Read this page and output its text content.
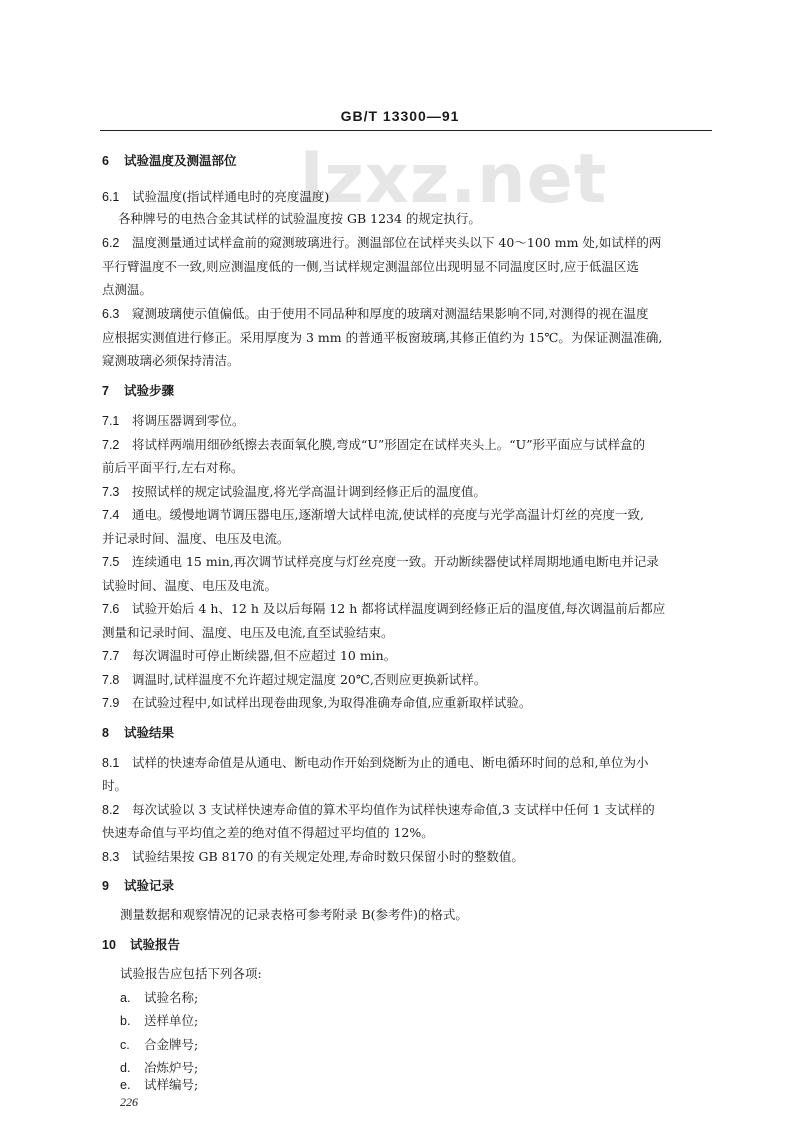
GB/T 13300—91
lzxz.net
6 试验温度及测温部位
6.1 试验温度(指试样通电时的亮度温度)
各种牌号的电热合金其试样的试验温度按 GB 1234 的规定执行。
6.2 温度测量通过试样盒前的窥测玻璃进行。测温部位在试样夹头以下 40～100 mm 处,如试样的两
平行臂温度不一致,则应测温度低的一侧,当试样规定测温部位出现明显不同温度区时,应于低温区选
点测温。
6.3 窥测玻璃使示值偏低。由于使用不同品种和厚度的玻璃对测温结果影响不同,对测得的视在温度
应根据实测值进行修正。采用厚度为 3 mm 的普通平板窗玻璃,其修正值约为 15℃。为保证测温准确,
窥测玻璃必须保持清洁。
7 试验步骤
7.1 将调压器调到零位。
7.2 将试样两端用细砂纸擦去表面氧化膜,弯成“U”形固定在试样夹头上。“U”形平面应与试样盒的
前后平面平行,左右对称。
7.3 按照试样的规定试验温度,将光学高温计调到经修正后的温度值。
7.4 通电。缓慢地调节调压器电压,逐渐增大试样电流,使试样的亮度与光学高温计灯丝的亮度一致,
并记录时间、温度、电压及电流。
7.5 连续通电 15 min,再次调节试样亮度与灯丝亮度一致。开动断续器使试样周期地通电断电并记录
试验时间、温度、电压及电流。
7.6 试验开始后 4 h、12 h 及以后每隔 12 h 都将试样温度调到经修正后的温度值,每次调温前后都应
测量和记录时间、温度、电压及电流,直至试验结束。
7.7 每次调温时可停止断续器,但不应超过 10 min。
7.8 调温时,试样温度不允许超过规定温度 20℃,否则应更换新试样。
7.9 在试验过程中,如试样出现卷曲现象,为取得准确寿命值,应重新取样试验。
8 试验结果
8.1 试样的快速寿命值是从通电、断电动作开始到烧断为止的通电、断电循环时间的总和,单位为小
时。
8.2 每次试验以 3 支试样快速寿命值的算术平均值作为试样快速寿命值,3 支试样中任何 1 支试样的
快速寿命值与平均值之差的绝对值不得超过平均值的 12%。
8.3 试验结果按 GB 8170 的有关规定处理,寿命时数只保留小时的整数值。
9 试验记录
测量数据和观察情况的记录表格可参考附录 B(参考件)的格式。
10 试验报告
试验报告应包括下列各项:
a. 试验名称;
b. 送样单位;
c. 合金牌号;
d. 冶炼炉号;
e. 试样编号;
226
